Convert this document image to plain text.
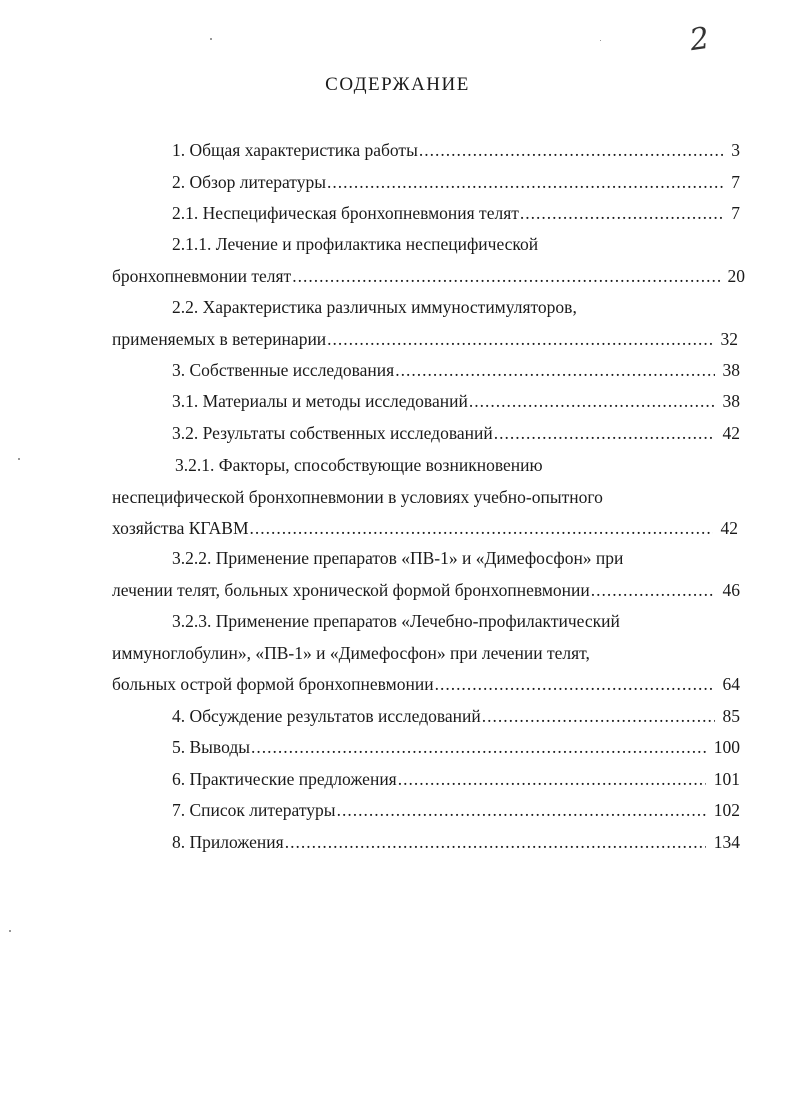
2
СОДЕРЖАНИЕ
1. Общая характеристика работы .....	3
2. Обзор литературы .....	7
2.1. Неспецифическая бронхопневмония телят .....	7
2.1.1. Лечение и профилактика неспецифической
бронхопневмонии телят .....	20
2.2. Характеристика различных иммуностимуляторов,
применяемых в ветеринарии .....	32
3. Собственные исследования .....	38
3.1. Материалы и методы исследований .....	38
3.2. Результаты собственных исследований .....	42
3.2.1. Факторы, способствующие возникновению
неспецифической бронхопневмонии в условиях учебно-опытного
хозяйства КГАВМ .....	42
3.2.2. Применение препаратов «ПВ-1» и «Димефосфон» при
лечении телят, больных хронической формой бронхопневмонии .....	46
3.2.3. Применение препаратов «Лечебно-профилактический
иммуноглобулин», «ПВ-1» и «Димефосфон» при лечении телят,
больных острой формой бронхопневмонии .....	64
4. Обсуждение результатов исследований .....	85
5. Выводы .....	100
6. Практические предложения .....	101
7. Список литературы .....	102
8. Приложения .....	134
